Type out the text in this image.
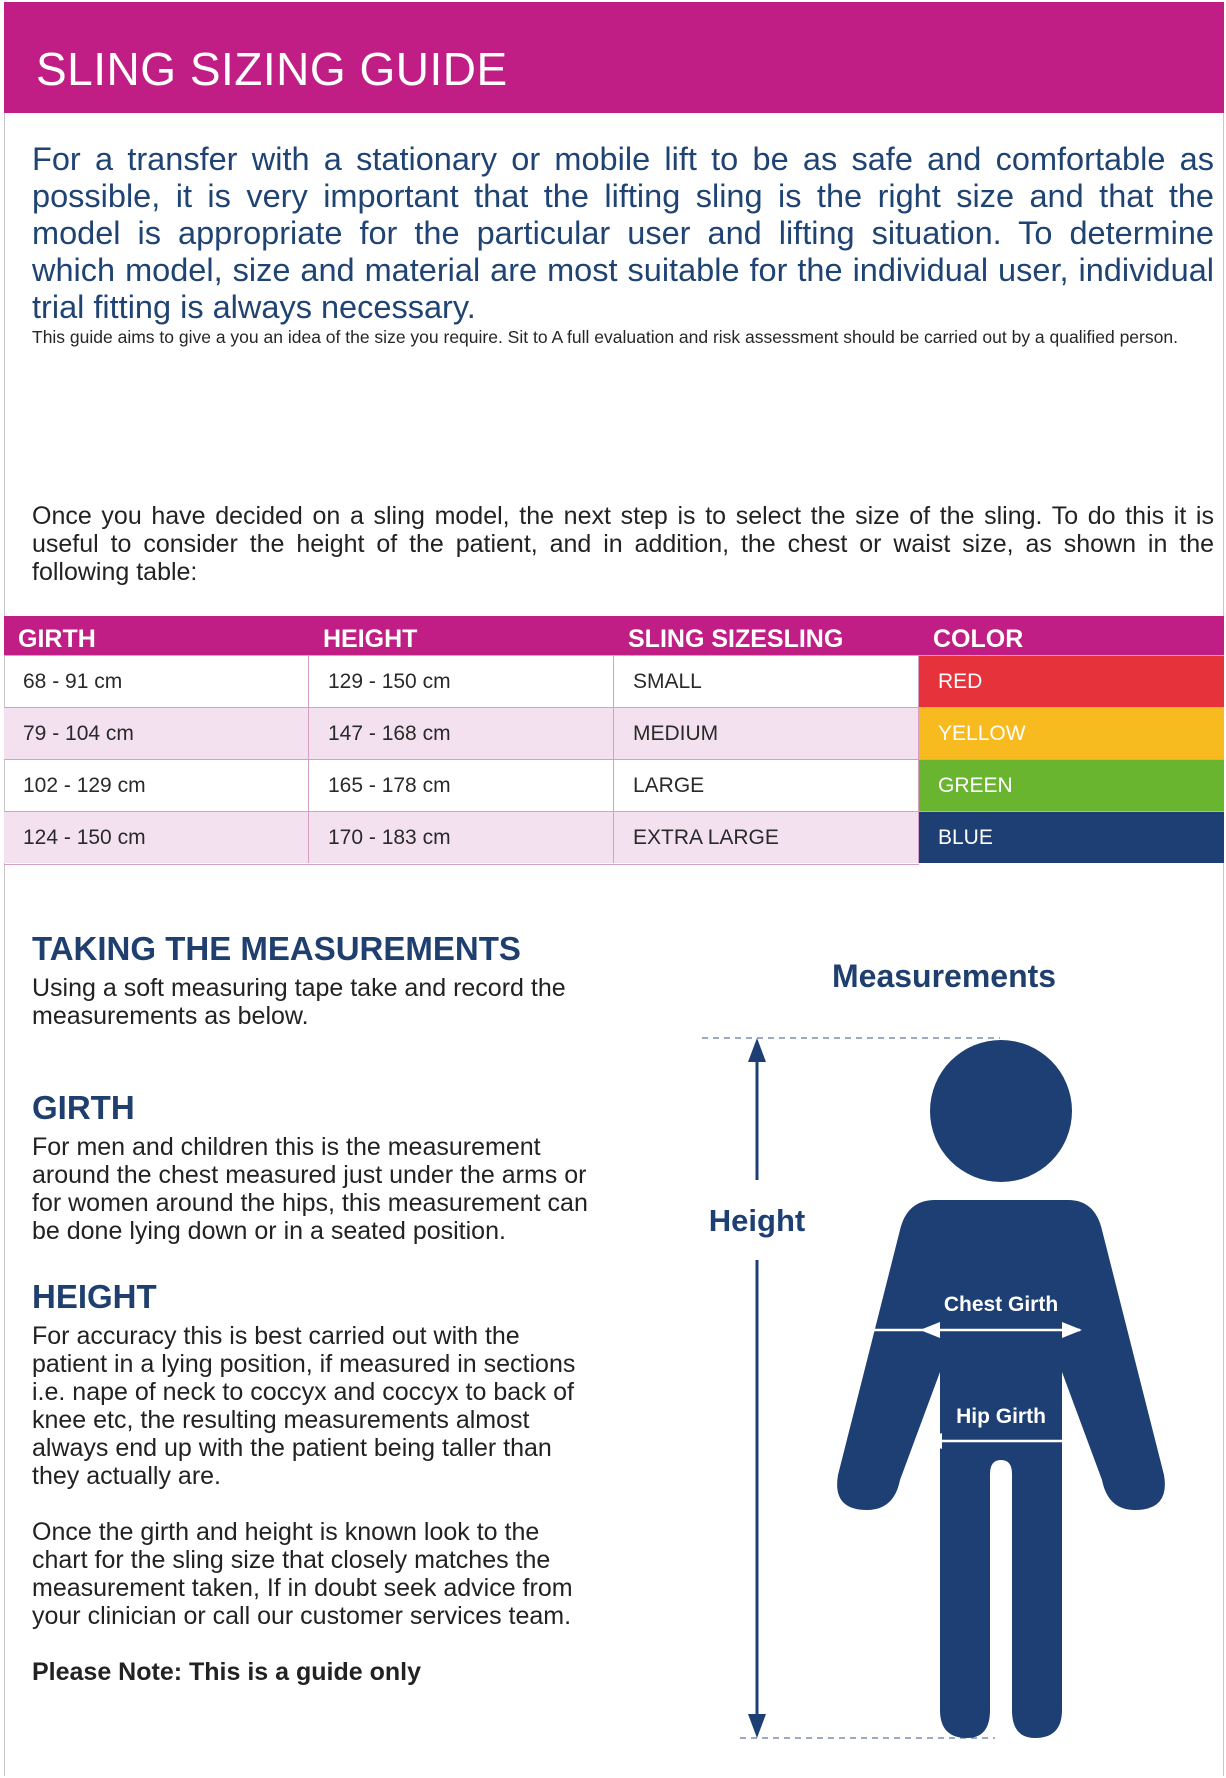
SLING SIZING GUIDE
For a transfer with a stationary or mobile lift to be as safe and comfortable as possible, it is very important that the lifting sling is the right size and that the model is appropriate for the particular user and lifting situation. To determine which model, size and material are most suitable for the individual user, individual trial fitting is always necessary.
This guide aims to give a you an idea of the size you require. Sit to A full evaluation and risk assessment should be carried out by a qualified person.
Once you have decided on a sling model, the next step is to select the size of the sling. To do this it is useful to consider the height of the patient, and in addition, the chest or waist size, as shown in the following table:
GIRTH	HEIGHT	SLING SIZESLING	COLOR
68 - 91 cm	129 - 150 cm	SMALL	RED
79 - 104 cm	147 - 168 cm	MEDIUM	YELLOW
102 - 129 cm	165 - 178 cm	LARGE	GREEN
124 - 150 cm	170 - 183 cm	EXTRA LARGE	BLUE
TAKING THE MEASUREMENTS
Using a soft measuring tape take and record the measurements as below.
GIRTH
For men and children this is the measurement around the chest measured just under the arms or for women around the hips, this measurement can be done lying down or in a seated position.
HEIGHT
For accuracy this is best carried out with the patient in a lying position, if measured in sections i.e. nape of neck to coccyx and coccyx to back of knee etc, the resulting measurements almost always end up with the patient being taller than they actually are.
Once the girth and height is known look to the chart for the sling size that closely matches the measurement taken, If in doubt seek advice from your clinician or call our customer services team.
Please Note: This is a guide only
Measurements
Height
Chest Girth
Hip Girth
